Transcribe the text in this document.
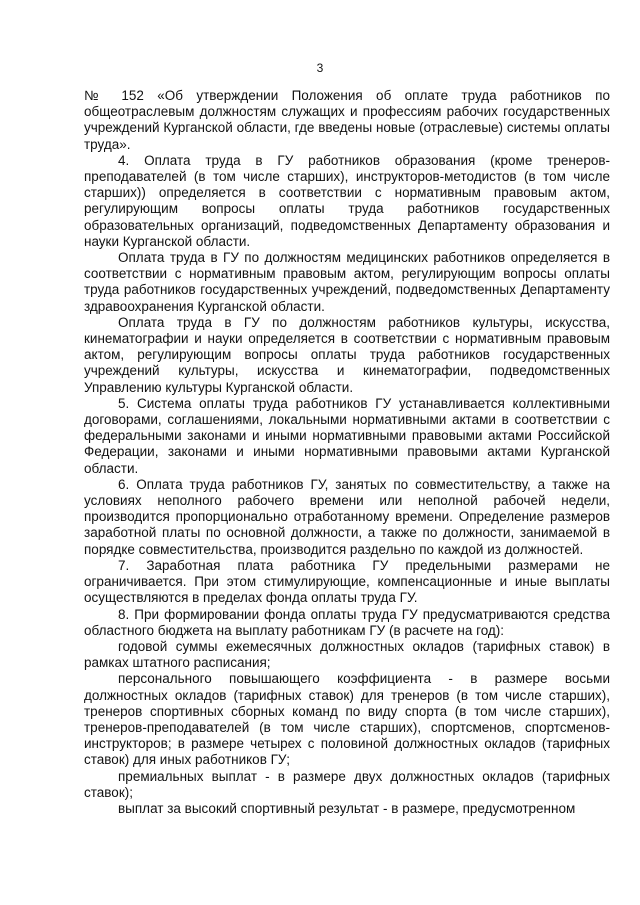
3

№ 152 «Об утверждении Положения об оплате труда работников по общеотраслевым должностям служащих и профессиям рабочих государственных учреждений Курганской области, где введены новые (отраслевые) системы оплаты труда».

4. Оплата труда в ГУ работников образования (кроме тренеров-преподавателей (в том числе старших), инструкторов-методистов (в том числе старших)) определяется в соответствии с нормативным правовым актом, регулирующим вопросы оплаты труда работников государственных образовательных организаций, подведомственных Департаменту образования и науки Курганской области.

Оплата труда в ГУ по должностям медицинских работников определяется в соответствии с нормативным правовым актом, регулирующим вопросы оплаты труда работников государственных учреждений, подведомственных Департаменту здравоохранения Курганской области.

Оплата труда в ГУ по должностям работников культуры, искусства, кинематографии и науки определяется в соответствии с нормативным правовым актом, регулирующим вопросы оплаты труда работников государственных учреждений культуры, искусства и кинематографии, подведомственных Управлению культуры Курганской области.

5. Система оплаты труда работников ГУ устанавливается коллективными договорами, соглашениями, локальными нормативными актами в соответствии с федеральными законами и иными нормативными правовыми актами Российской Федерации, законами и иными нормативными правовыми актами Курганской области.

6. Оплата труда работников ГУ, занятых по совместительству, а также на условиях неполного рабочего времени или неполной рабочей недели, производится пропорционально отработанному времени. Определение размеров заработной платы по основной должности, а также по должности, занимаемой в порядке совместительства, производится раздельно по каждой из должностей.

7. Заработная плата работника ГУ предельными размерами не ограничивается. При этом стимулирующие, компенсационные и иные выплаты осуществляются в пределах фонда оплаты труда ГУ.

8. При формировании фонда оплаты труда ГУ предусматриваются средства областного бюджета на выплату работникам ГУ (в расчете на год):

годовой суммы ежемесячных должностных окладов (тарифных ставок) в рамках штатного расписания;

персонального повышающего коэффициента - в размере восьми должностных окладов (тарифных ставок) для тренеров (в том числе старших), тренеров спортивных сборных команд по виду спорта (в том числе старших), тренеров-преподавателей (в том числе старших), спортсменов, спортсменов-инструкторов; в размере четырех с половиной должностных окладов (тарифных ставок) для иных работников ГУ;

премиальных выплат - в размере двух должностных окладов (тарифных ставок);

выплат за высокий спортивный результат - в размере, предусмотренном
